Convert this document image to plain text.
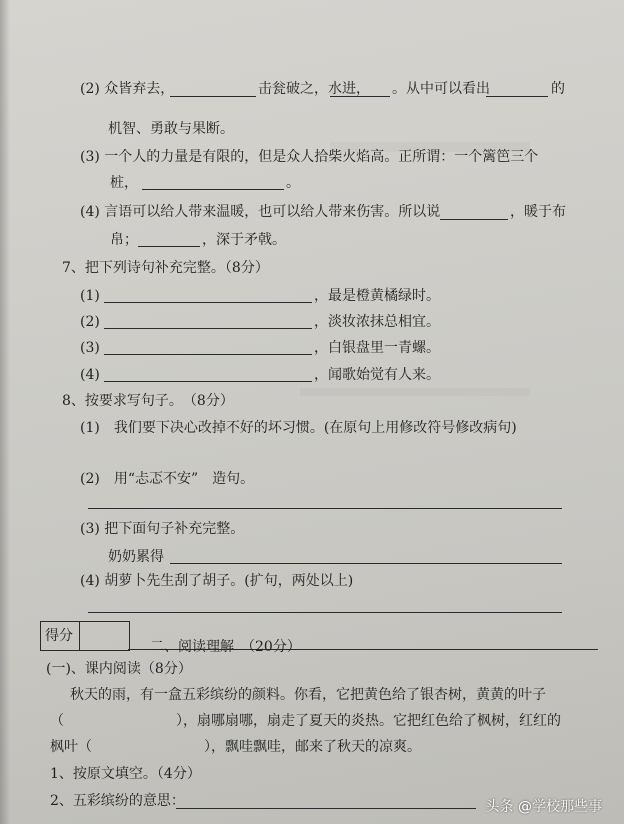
(2) 众皆弃去，	击瓮破之，水进， 。从中可以看出	的
机智、勇敢与果断。
(3) 一个人的力量是有限的，但是众人拾柴火焰高。正所谓：一个篱笆三个
桩，	。
(4) 言语可以给人带来温暖，也可以给人带来伤害。所以说	，暖于布
帛；	，深于矛戟。
7、把下列诗句补充完整。（8分）
(1)	，最是橙黄橘绿时。
(2)	，淡妆浓抹总相宜。
(3)	，白银盘里一青螺。
(4)	，闻歌始觉有人来。
8、按要求写句子。　（8分）
(1)　我们要下决心改掉不好的坏习惯。(在原句上用修改符号修改病句)
(2)　用“忐忑不安”　造句。
(3) 把下面句子补充完整。
奶奶累得
(4) 胡萝卜先生刮了胡子。(扩句，两处以上)
得分
二、阅读理解　（20分）
(一)、课内阅读（8分）
秋天的雨，有一盒五彩缤纷的颜料。你看，它把黄色给了银杏树，黄黄的叶子
（	），扇哪扇哪，扇走了夏天的炎热。它把红色给了枫树，红红的
枫叶（	），飘哇飘哇，邮来了秋天的凉爽。
1、按原文填空。（4分）
2、五彩缤纷的意思：	头条 @学校那些事
